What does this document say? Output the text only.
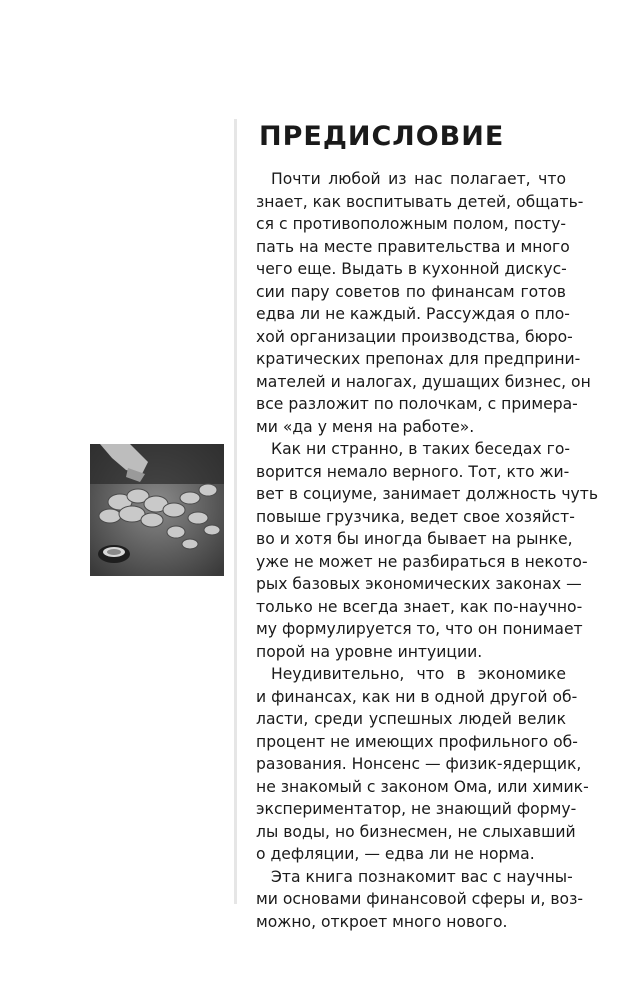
ПРЕДИСЛОВИЕ
Почти любой из нас полагает, что
знает, как воспитывать детей, общать-
ся с противоположным полом, посту-
пать на месте правительства и много
чего еще. Выдать в кухонной дискус-
сии пару советов по финансам готов
едва ли не каждый. Рассуждая о пло-
хой организации производства, бюро-
кратических препонах для предприни-
мателей и налогах, душащих бизнес, он
все разложит по полочкам, с примера-
ми «да у меня на работе».
Как ни странно, в таких беседах го-
ворится немало верного. Тот, кто жи-
вет в социуме, занимает должность чуть
повыше грузчика, ведет свое хозяйст-
во и хотя бы иногда бывает на рынке,
уже не может не разбираться в некото-
рых базовых экономических законах —
только не всегда знает, как по-научно-
му формулируется то, что он понимает
порой на уровне интуиции.
Неудивительно, что в экономике
и финансах, как ни в одной другой об-
ласти, среди успешных людей велик
процент не имеющих профильного об-
разования. Нонсенс — физик-ядерщик,
не знакомый с законом Ома, или химик-
экспериментатор, не знающий форму-
лы воды, но бизнесмен, не слыхавший
о дефляции, — едва ли не норма.
Эта книга познакомит вас с научны-
ми основами финансовой сферы и, воз-
можно, откроет много нового.
